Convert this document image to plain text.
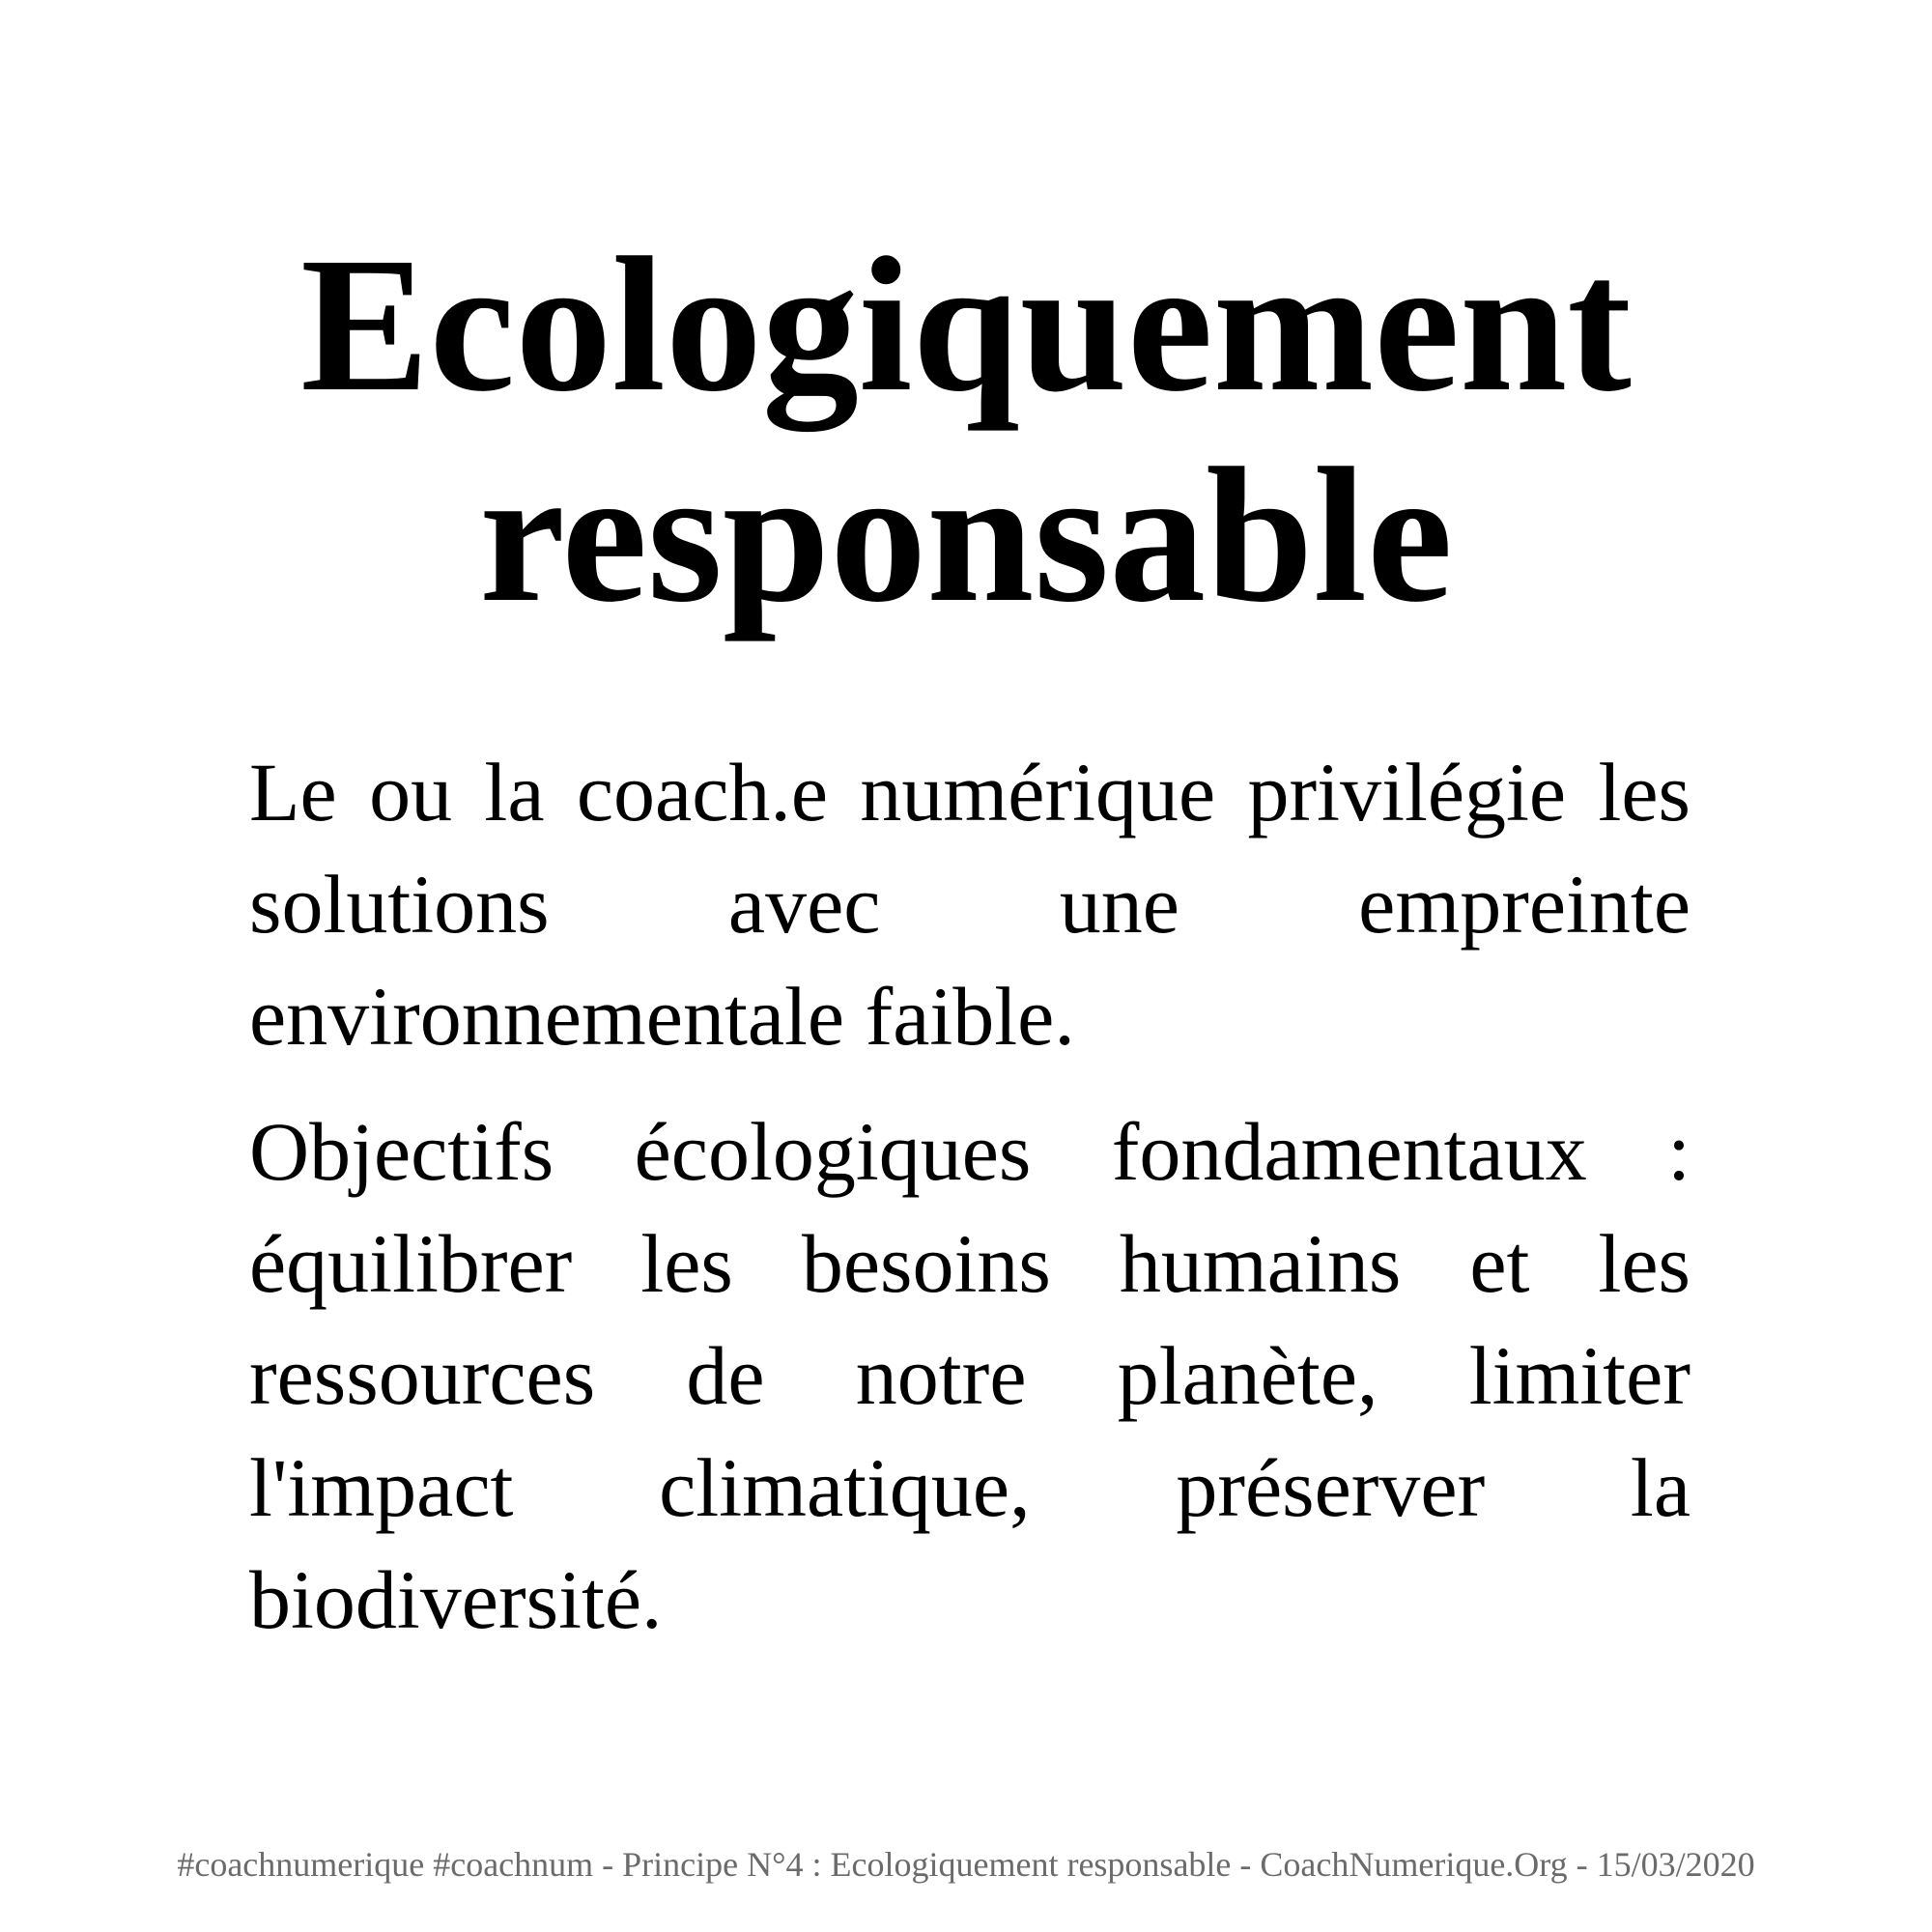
Ecologiquement
responsable

Le ou la coach.e numérique privilégie les solutions avec une empreinte environnementale faible.

Objectifs écologiques fondamentaux : équilibrer les besoins humains et les ressources de notre planète, limiter l'impact climatique, préserver la biodiversité.

#coachnumerique #coachnum - Principe N°4 : Ecologiquement responsable - CoachNumerique.Org - 15/03/2020
